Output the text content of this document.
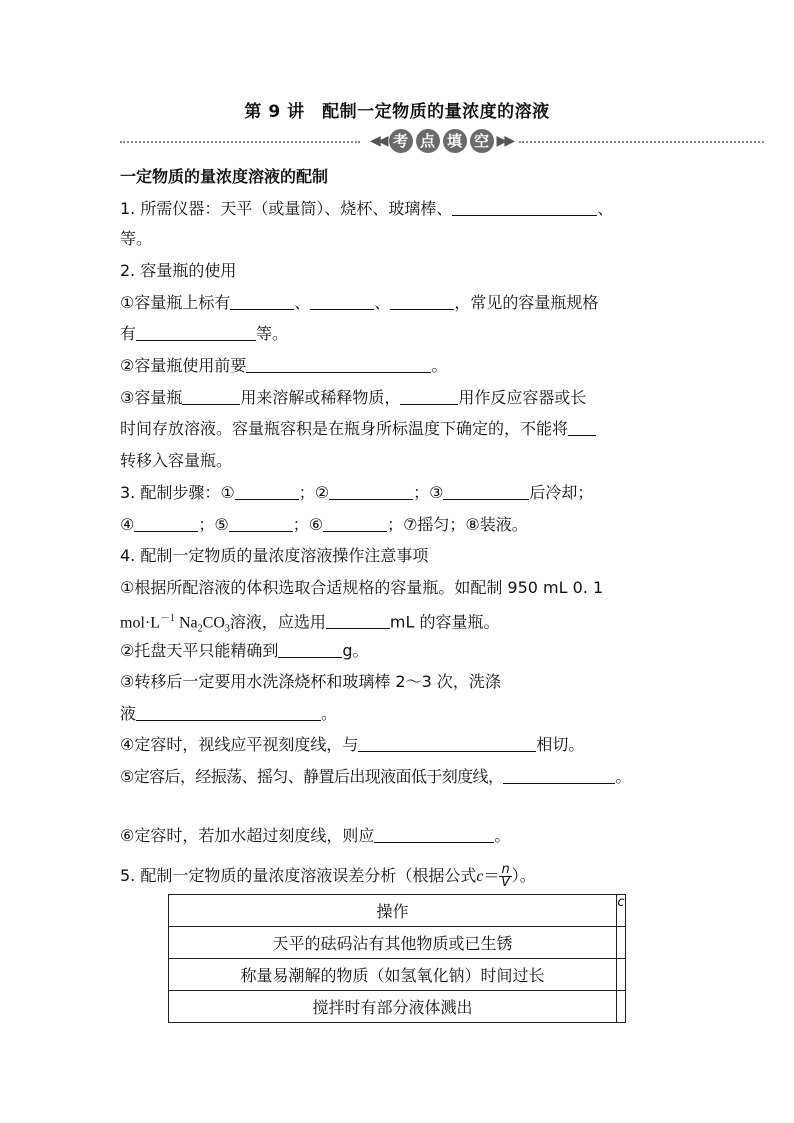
第 9 讲　配制一定物质的量浓度的溶液
◀◀ 考 点 填 空 ▶▶
一定物质的量浓度溶液的配制
1. 所需仪器：天平（或量筒）、烧杯、玻璃棒、	、
等。
2. 容量瓶的使用
①容量瓶上标有	、	、	，常见的容量瓶规格
有	等。
②容量瓶使用前要	。
③容量瓶	用来溶解或稀释物质，	用作反应容器或长
时间存放溶液。容量瓶容积是在瓶身所标温度下确定的，不能将
转移入容量瓶。
3. 配制步骤：①	；②	；③	后冷却；
④	；⑤	；⑥	；⑦摇匀；⑧装液。
4. 配制一定物质的量浓度溶液操作注意事项
①根据所配溶液的体积选取合适规格的容量瓶。如配制 950 mL 0. 1
$mol\cdot L^{-1}$ $Na_2CO_3$溶液，应选用	mL 的容量瓶。
②托盘天平只能精确到	g。
③转移后一定要用水洗涤烧杯和玻璃棒 2～3 次，洗涤
液	。
④定容时，视线应平视刻度线，与	相切。
⑤定容后，经振荡、摇匀、静置后出现液面低于刻度线，	。
⑥定容时，若加水超过刻度线，则应	。
5. 配制一定物质的量浓度溶液误差分析（根据公式$c= \frac{n}{V}$ ）。
操作	c
天平的砝码沾有其他物质或已生锈	
称量易潮解的物质（如氢氧化钠）时间过长	
搅拌时有部分液体溅出	
